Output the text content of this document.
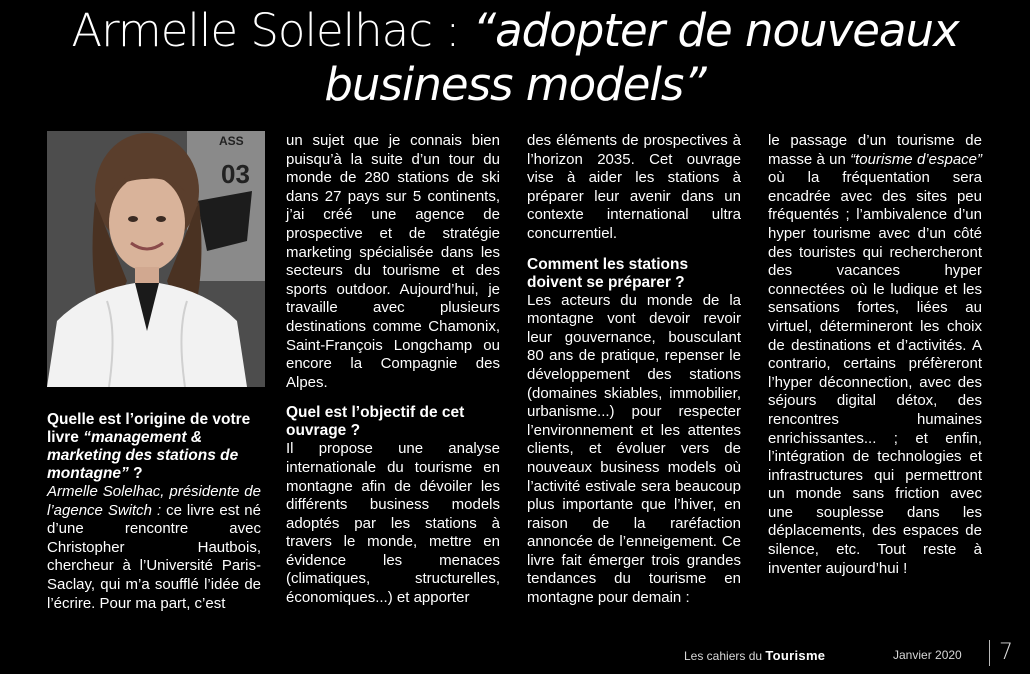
Armelle Solelhac : “adopter de nouveaux business models”
ASS
03
Quelle est l’origine de votre livre “management & marketing des stations de montagne” ?

Armelle Solelhac, présidente de l’agence Switch : ce livre est né d’une rencontre avec Christopher Hautbois, chercheur à l’Université Paris-Saclay, qui m’a soufflé l’idée de l’écrire. Pour ma part, c’est

un sujet que je connais bien puisqu’à la suite d’un tour du monde de 280 stations de ski dans 27 pays sur 5 continents, j’ai créé une agence de prospective et de stratégie marketing spécialisée dans les secteurs du tourisme et des sports outdoor. Aujourd’hui, je travaille avec plusieurs destinations comme Chamonix, Saint-François Longchamp ou encore la Compagnie des Alpes.

Quel est l’objectif de cet ouvrage ?

Il propose une analyse internationale du tourisme en montagne afin de dévoiler les différents business models adoptés par les stations à travers le monde, mettre en évidence les menaces (climatiques, structurelles, économiques...) et apporter

des éléments de prospectives à l’horizon 2035. Cet ouvrage vise à aider les stations à préparer leur avenir dans un contexte international ultra concurrentiel.

Comment les stations doivent se préparer ?

Les acteurs du monde de la montagne vont devoir revoir leur gouvernance, bousculant 80 ans de pratique, repenser le développement des stations (domaines skiables, immobilier, urbanisme...) pour respecter l’environnement et les attentes clients, et évoluer vers de nouveaux business models où l’activité estivale sera beaucoup plus importante que l’hiver, en raison de la raréfaction annoncée de l’enneigement. Ce livre fait émerger trois grandes tendances du tourisme en montagne pour demain :

le passage d’un tourisme de masse à un “tourisme d’espace” où la fréquentation sera encadrée avec des sites peu fréquentés ; l’ambivalence d’un hyper tourisme avec d’un côté des touristes qui rechercheront des vacances hyper connectées où le ludique et les sensations fortes, liées au virtuel, détermineront les choix de destinations et d’activités. A contrario, certains préfèreront l’hyper déconnection, avec des séjours digital détox, des rencontres humaines enrichissantes... ; et enfin, l’intégration de technologies et infrastructures qui permettront un monde sans friction avec une souplesse dans les déplacements, des espaces de silence, etc. Tout reste à inventer aujourd’hui !

Les cahiers du Tourisme	Janvier 2020 7
